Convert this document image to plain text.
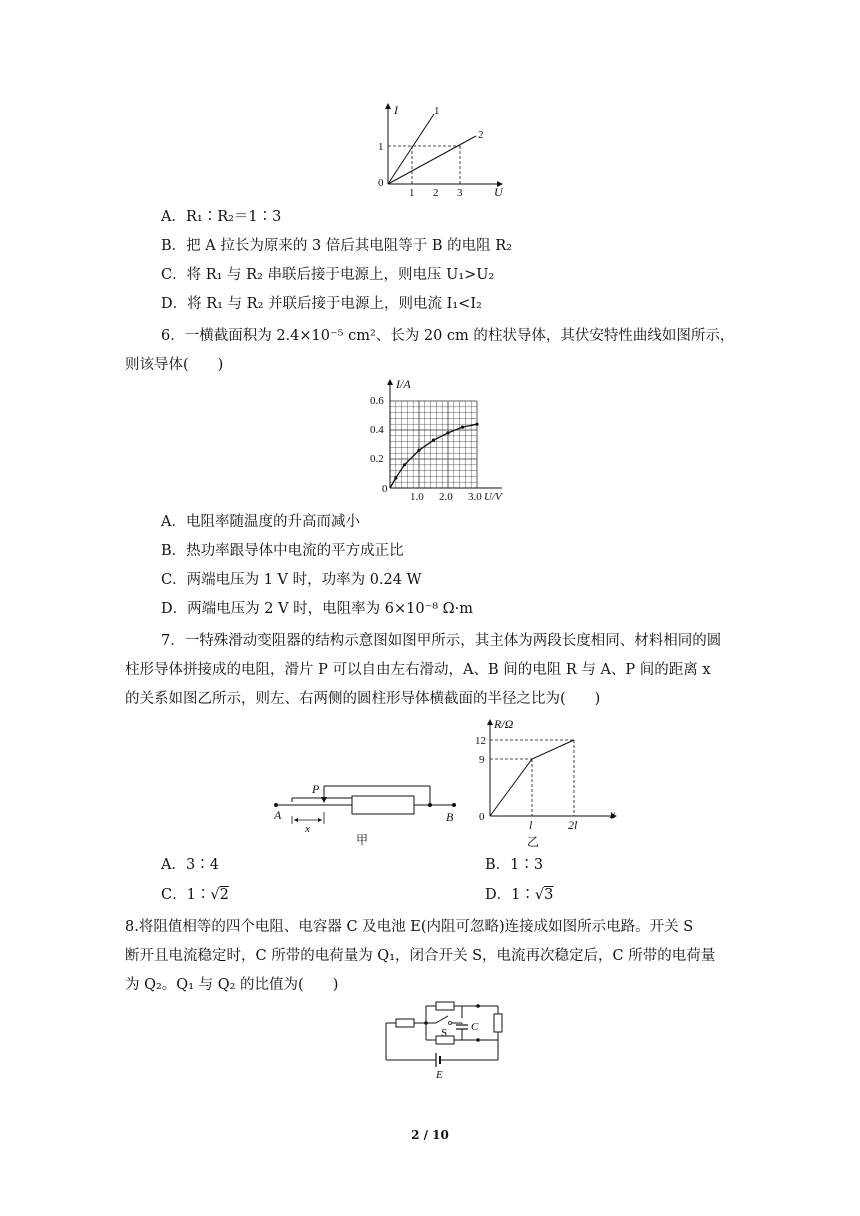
I
U
0
1
2
1
1 2 3
A．R₁∶R₂＝1∶3
B．把 A 拉长为原来的 3 倍后其电阻等于 B 的电阻 R₂
C．将 R₁ 与 R₂ 串联后接于电源上，则电压 U₁>U₂
D．将 R₁ 与 R₂ 并联后接于电源上，则电流 I₁<I₂
6．一横截面积为 2.4×10⁻⁵ cm²、长为 20 cm 的柱状导体，其伏安特性曲线如图所示，
则该导体(　　)
I/A
0
0.6
0.4
0.2
1.0 2.0 3.0 U/V
A．电阻率随温度的升高而减小
B．热功率跟导体中电流的平方成正比
C．两端电压为 1 V 时，功率为 0.24 W
D．两端电压为 2 V 时，电阻率为 6×10⁻⁸ Ω·m
7．一特殊滑动变阻器的结构示意图如图甲所示，其主体为两段长度相同、材料相同的圆
柱形导体拼接成的电阻，滑片 P 可以自由左右滑动，A、B 间的电阻 R 与 A、P 间的距离 x
的关系如图乙所示，则左、右两侧的圆柱形导体横截面的半径之比为(　　)
P
A	B
x
甲
R/Ω
12
9
0
l	2l
x
乙
A．3∶4	B．1∶3
C．1∶√2	D．1∶√3
8.将阻值相等的四个电阻、电容器 C 及电池 E(内阻可忽略)连接成如图所示电路。开关 S
断开且电流稳定时，C 所带的电荷量为 Q₁，闭合开关 S，电流再次稳定后，C 所带的电荷量
为 Q₂。Q₁ 与 Q₂ 的比值为(　　)
S C
E
2 / 10
